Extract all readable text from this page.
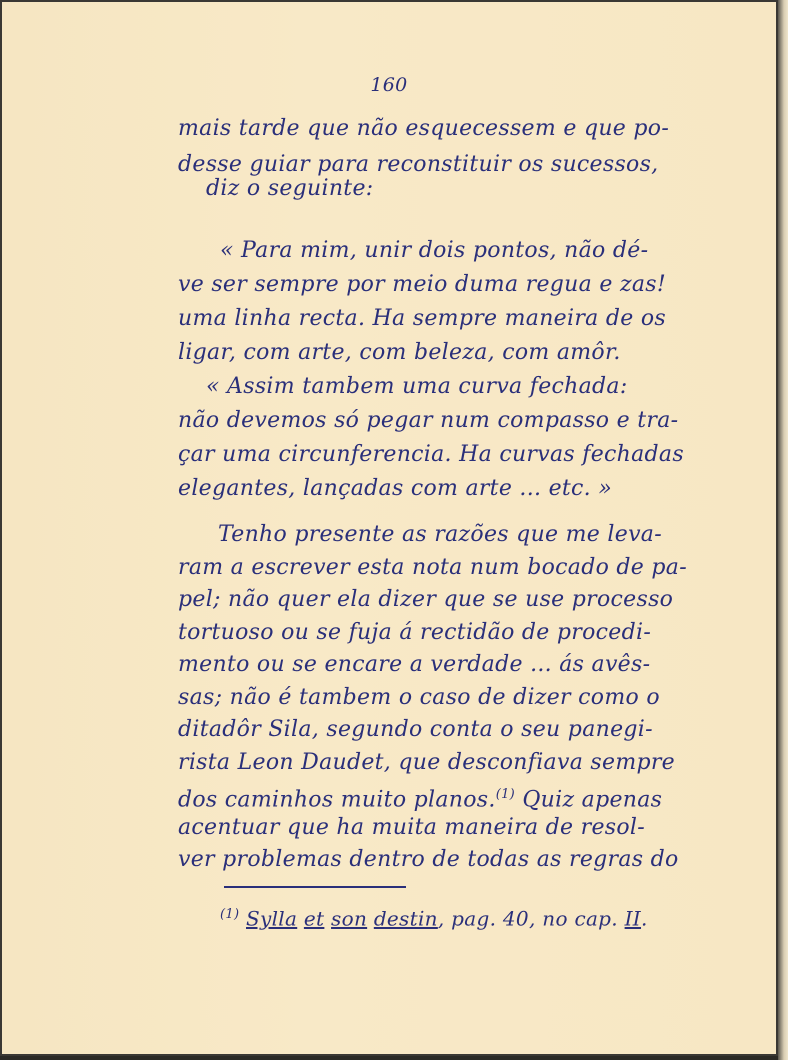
160
mais tarde que não esquecessem e que po-
desse guiar para reconstituir os sucessos,
diz o seguinte:
« Para mim, unir dois pontos, não dé-
ve ser sempre por meio duma regua e zas!
uma linha recta. Ha sempre maneira de os
ligar, com arte, com beleza, com amôr.
« Assim tambem uma curva fechada:
não devemos só pegar num compasso e tra-
çar uma circunferencia. Ha curvas fechadas
elegantes, lançadas com arte ... etc. »
Tenho presente as razões que me leva-
ram a escrever esta nota num bocado de pa-
pel; não quer ela dizer que se use processo
tortuoso ou se fuja á rectidão de procedi-
mento ou se encare a verdade ... ás avês-
sas; não é tambem o caso de dizer como o
ditadôr Sila, segundo conta o seu panegi-
rista Leon Daudet, que desconfiava sempre
dos caminhos muito planos.$^{(1)}$ Quiz apenas
acentuar que ha muita maneira de resol-
$^{(1)}$ Sylla et son destin, pag. 40, no cap. II.
ver problemas dentro de todas as regras do
